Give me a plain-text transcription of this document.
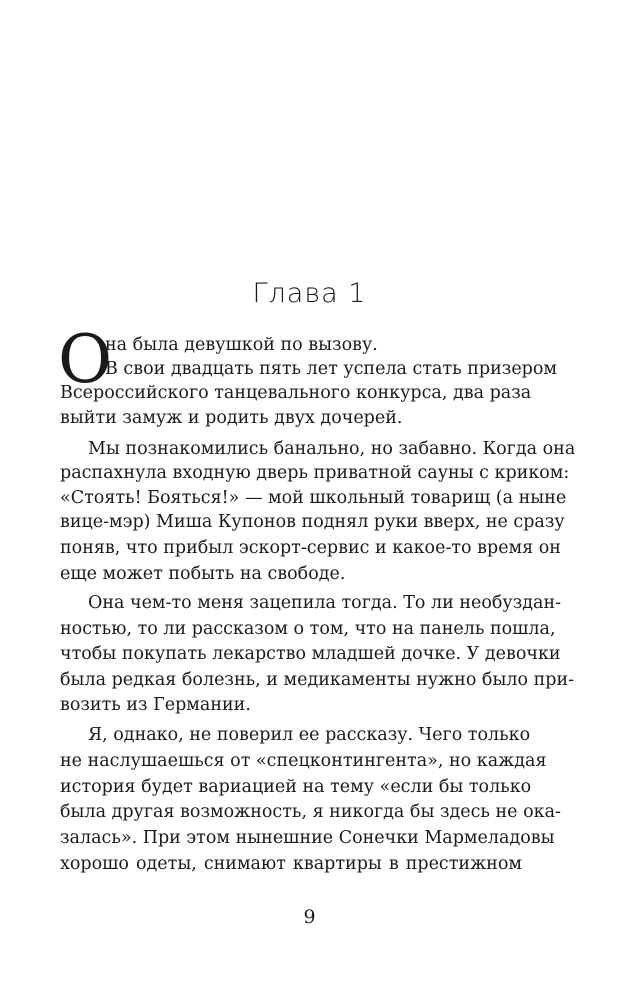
Глава 1
О
на была девушкой по вызову.
В свои двадцать пять лет успела стать призером
Всероссийского танцевального конкурса, два раза
выйти замуж и родить двух дочерей.
Мы познакомились банально, но забавно. Когда она
распахнула входную дверь приватной сауны с криком:
«Стоять! Бояться!» — мой школьный товарищ (а ныне
вице-мэр) Миша Купонов поднял руки вверх, не сразу
поняв, что прибыл эскорт-сервис и какое-то время он
еще может побыть на свободе.
Она чем-то меня зацепила тогда. То ли необуздан-
ностью, то ли рассказом о том, что на панель пошла,
чтобы покупать лекарство младшей дочке. У девочки
была редкая болезнь, и медикаменты нужно было при-
возить из Германии.
Я, однако, не поверил ее рассказу. Чего только
не наслушаешься от «спецконтингента», но каждая
история будет вариацией на тему «если бы только
была другая возможность, я никогда бы здесь не ока-
залась». При этом нынешние Сонечки Мармеладовы
хорошо одеты, снимают квартиры в престижном
9
